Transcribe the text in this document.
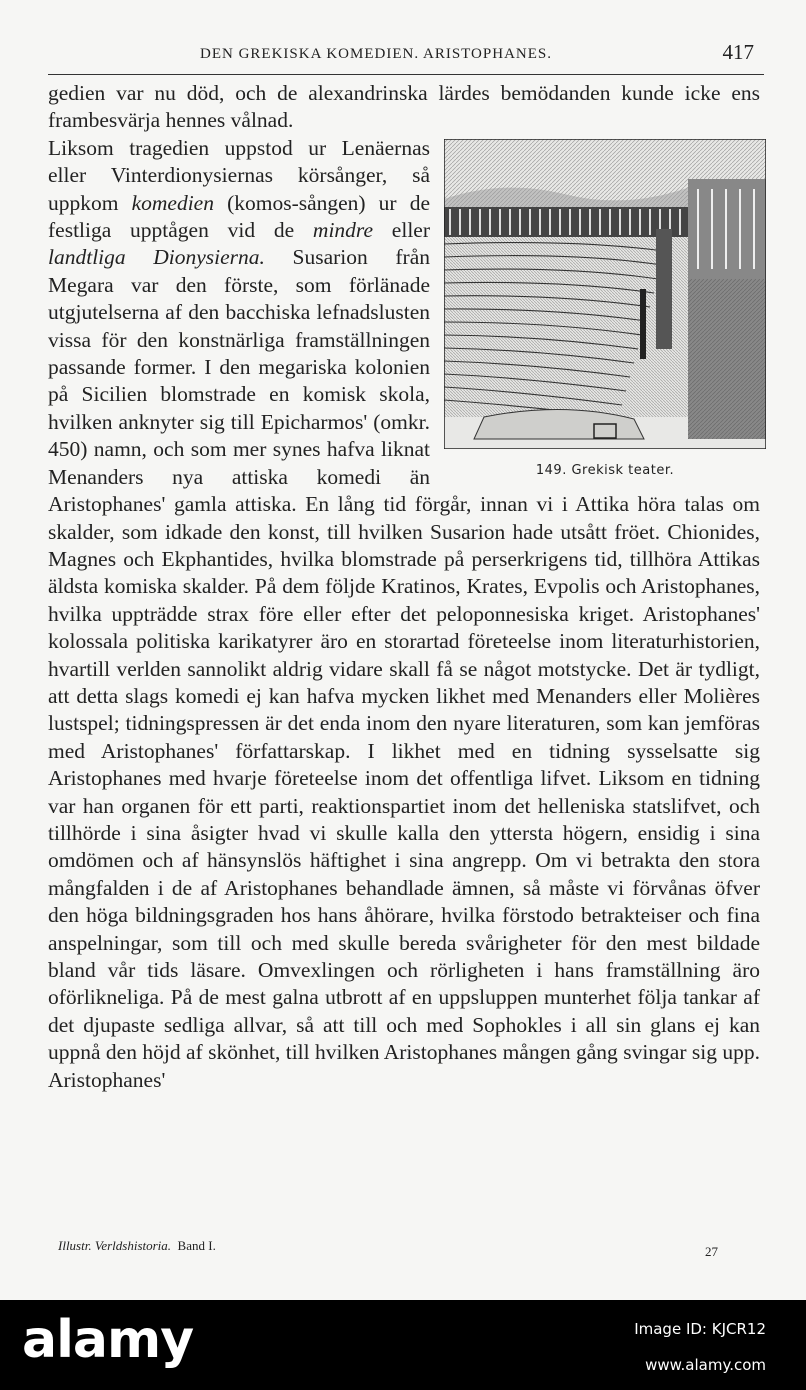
DEN GREKISKA KOMEDIEN. ARISTOPHANES.	417

gedien var nu död, och de alexandrinska lärdes bemödanden kunde icke ens frambesvärja hennes vålnad.

149. Grekisk teater.
Liksom tragedien uppstod ur Lenäernas eller Vinterdionysiernas körsånger, så uppkom komedien (komos-sången) ur de festliga upptågen vid de mindre eller landtliga Dionysierna. Susarion från Megara var den förste, som förlänade utgjutelserna af den bacchiska lefnadslusten vissa för den konstnärliga framställningen passande former. I den megariska kolonien på Sicilien blomstrade en komisk skola, hvilken anknyter sig till Epicharmos' (omkr. 450) namn, och som mer synes hafva liknat Menanders nya attiska komedi än Aristophanes' gamla attiska. En lång tid förgår, innan vi i Attika höra talas om skalder, som idkade den konst, till hvilken Susarion hade utsått fröet. Chionides, Magnes och Ekphantides, hvilka blomstrade på perserkrigens tid, tillhöra Attikas äldsta komiska skalder. På dem följde Kratinos, Krates, Evpolis och Aristophanes, hvilka uppträdde strax före eller efter det peloponnesiska kriget. Aristophanes' kolossala politiska karikatyrer äro en storartad företeelse inom literaturhistorien, hvartill verlden sannolikt aldrig vidare skall få se något motstycke. Det är tydligt, att detta slags komedi ej kan hafva mycken likhet med Menanders eller Molières lustspel; tidningspressen är det enda inom den nyare literaturen, som kan jemföras med Aristophanes' författarskap. I likhet med en tidning sysselsatte sig Aristophanes med hvarje företeelse inom det offentliga lifvet. Liksom en tidning var han organen för ett parti, reaktionspartiet inom det helleniska statslifvet, och tillhörde i sina åsigter hvad vi skulle kalla den yttersta högern, ensidig i sina omdömen och af hänsynslös häftighet i sina angrepp. Om vi betrakta den stora mångfalden i de af Aristophanes behandlade ämnen, så måste vi förvånas öfver den höga bildningsgraden hos hans åhörare, hvilka förstodo betrakteiser och fina anspelningar, som till och med skulle bereda svårigheter för den mest bildade bland vår tids läsare. Omvexlingen och rörligheten i hans framställning äro oförlikneliga. På de mest galna utbrott af en uppsluppen munterhet följa tankar af det djupaste sedliga allvar, så att till och med Sophokles i all sin glans ej kan uppnå den höjd af skönhet, till hvilken Aristophanes mången gång svingar sig upp. Aristophanes'

Illustr. Verldshistoria. Band I.	27
alamy	Image ID: KJCR12
www.alamy.com
